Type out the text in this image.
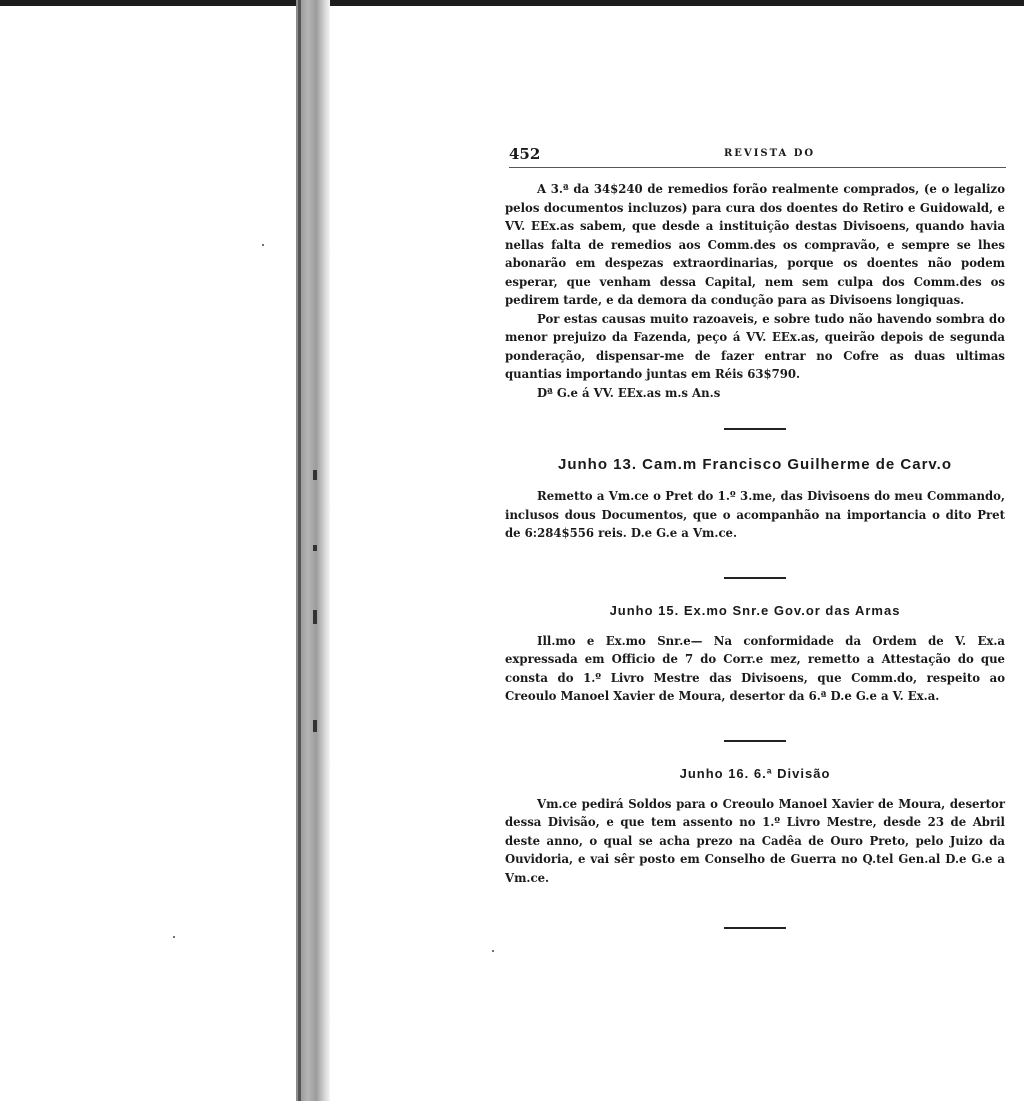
452	REVISTA DO

A 3.ª da 34$240 de remedios forão realmente comprados, (e o legalizo pelos documentos incluzos) para cura dos doentes do Retiro e Guidowald, e VV. EEx.as sabem, que desde a instituição destas Divisoens, quando havia nellas falta de remedios aos Comm.des os compravão, e sempre se lhes abonarão em despezas extraordinarias, porque os doentes não podem esperar, que venham dessa Capital, nem sem culpa dos Comm.des os pedirem tarde, e da demora da condução para as Divisoens longiquas.

Por estas causas muito razoaveis, e sobre tudo não havendo sombra do menor prejuizo da Fazenda, peço á VV. EEx.as, queirão depois de segunda ponderação, dispensar-me de fazer entrar no Cofre as duas ultimas quantias importando juntas em Réis 63$790.

Dª G.e á VV. EEx.as m.s An.s

Junho 13. Cam.m Francisco Guilherme de Carv.o

Remetto a Vm.ce o Pret do 1.º 3.me, das Divisoens do meu Commando, inclusos dous Documentos, que o acompanhão na importancia o dito Pret de 6:284$556 reis. D.e G.e a Vm.ce.

Junho 15. Ex.mo Snr.e Gov.or das Armas

Ill.mo e Ex.mo Snr.e— Na conformidade da Ordem de V. Ex.a expressada em Officio de 7 do Corr.e mez, remetto a Attestação do que consta do 1.º Livro Mestre das Divisoens, que Comm.do, respeito ao Creoulo Manoel Xavier de Moura, desertor da 6.ª D.e G.e a V. Ex.a.

Junho 16. 6.ª Divisão

Vm.ce pedirá Soldos para o Creoulo Manoel Xavier de Moura, desertor dessa Divisão, e que tem assento no 1.º Livro Mestre, desde 23 de Abril deste anno, o qual se acha prezo na Cadêa de Ouro Preto, pelo Juizo da Ouvidoria, e vai sêr posto em Conselho de Guerra no Q.tel Gen.al D.e G.e a Vm.ce.
